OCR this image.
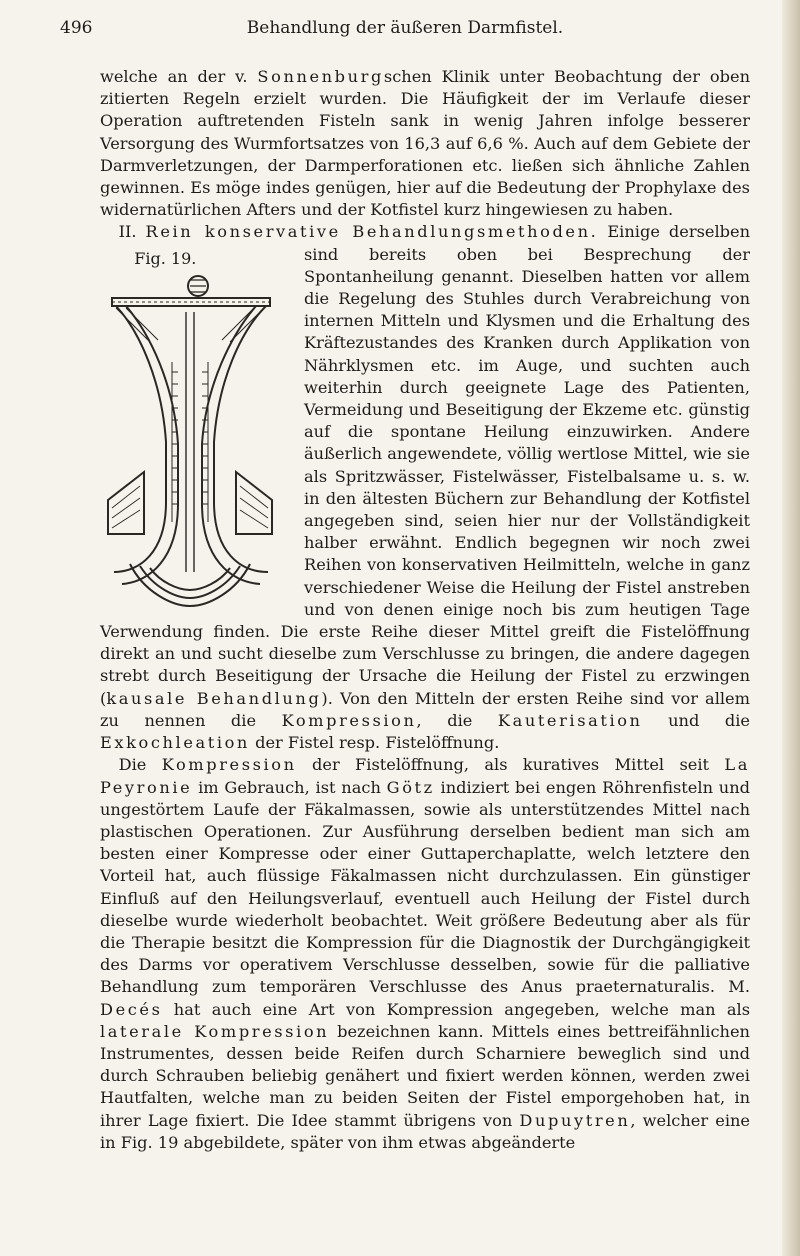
Behandlung der äußeren Darmfistel.
496

welche an der v. Sonnenburgschen Klinik unter Beobachtung der oben zitierten Regeln erzielt wurden. Die Häufigkeit der im Verlaufe dieser Operation auftretenden Fisteln sank in wenig Jahren infolge besserer Versorgung des Wurmfortsatzes von 16,3 auf 6,6 %. Auch auf dem Gebiete der Darmverletzungen, der Darmperforationen etc. ließen sich ähnliche Zahlen gewinnen. Es möge indes genügen, hier auf die Bedeutung der Prophylaxe des widernatürlichen Afters und der Kotfistel kurz hingewiesen zu haben.

II. Rein konservative Behandlungsmethoden.
Fig. 19.
Einige derselben sind bereits oben bei Besprechung der Spontanheilung genannt. Dieselben hatten vor allem die Regelung des Stuhles durch Verabreichung von internen Mitteln und Klysmen und die Erhaltung des Kräftezustandes des Kranken durch Applikation von Nährklysmen etc. im Auge, und suchten auch weiterhin durch geeignete Lage des Patienten, Vermeidung und Beseitigung der Ekzeme etc. günstig auf die spontane Heilung einzuwirken. Andere äußerlich angewendete, völlig wertlose Mittel, wie sie als Spritzwässer, Fistelwässer, Fistelbalsame u. s. w. in den ältesten Büchern zur Behandlung der Kotfistel angegeben sind, seien hier nur der Vollständigkeit halber erwähnt. Endlich begegnen wir noch zwei Reihen von konservativen Heilmitteln, welche in ganz verschiedener Weise die Heilung der Fistel anstreben und von denen einige noch bis zum heutigen Tage Verwendung finden. Die erste Reihe dieser Mittel greift die Fistelöffnung direkt an und sucht dieselbe zum Verschlusse zu bringen, die andere dagegen strebt durch Beseitigung der Ursache die Heilung der Fistel zu erzwingen (kausale Behandlung). Von den Mitteln der ersten Reihe sind vor allem zu nennen die Kompression, die Kauterisation und die Exkochleation der Fistel resp. Fistelöffnung.

Die Kompression der Fistelöffnung, als kuratives Mittel seit La Peyronie im Gebrauch, ist nach Götz indiziert bei engen Röhrenfisteln und ungestörtem Laufe der Fäkalmassen, sowie als unterstützendes Mittel nach plastischen Operationen. Zur Ausführung derselben bedient man sich am besten einer Kompresse oder einer Guttaperchaplatte, welch letztere den Vorteil hat, auch flüssige Fäkalmassen nicht durchzulassen. Ein günstiger Einfluß auf den Heilungsverlauf, eventuell auch Heilung der Fistel durch dieselbe wurde wiederholt beobachtet. Weit größere Bedeutung aber als für die Therapie besitzt die Kompression für die Diagnostik der Durchgängigkeit des Darms vor operativem Verschlusse desselben, sowie für die palliative Behandlung zum temporären Verschlusse des Anus praeternaturalis. M. Decés hat auch eine Art von Kompression angegeben, welche man als laterale Kompression bezeichnen kann. Mittels eines bettreifähnlichen Instrumentes, dessen beide Reifen durch Scharniere beweglich sind und durch Schrauben beliebig genähert und fixiert werden können, werden zwei Hautfalten, welche man zu beiden Seiten der Fistel emporgehoben hat, in ihrer Lage fixiert. Die Idee stammt übrigens von Dupuytren, welcher eine in Fig. 19 abgebildete, später von ihm etwas abgeänderte
